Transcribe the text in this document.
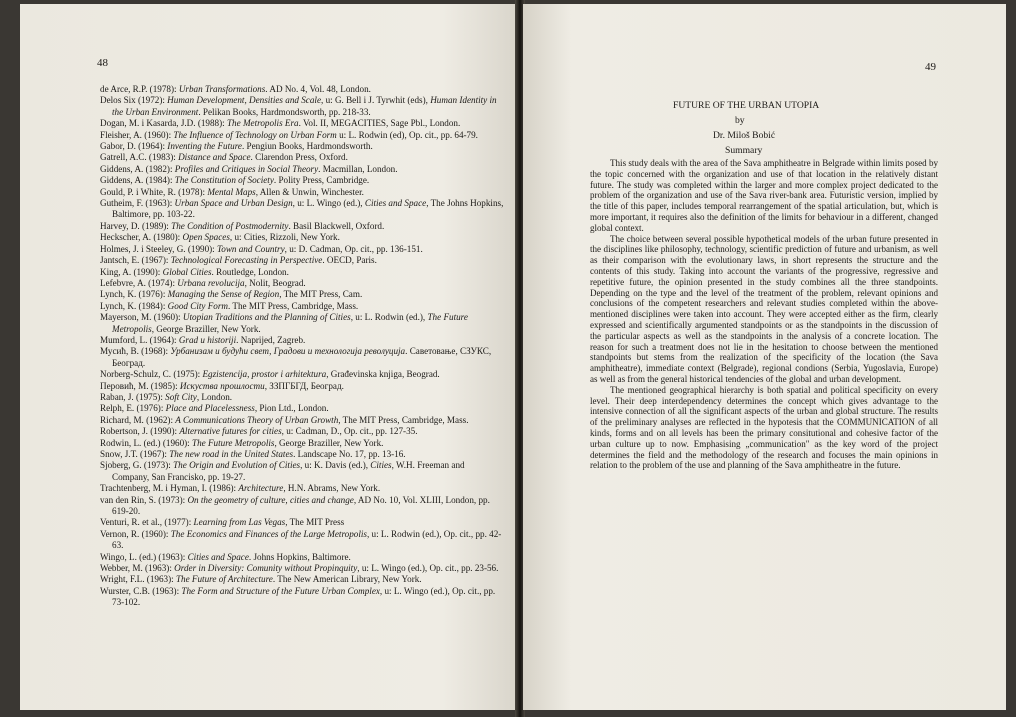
48

de Arce, R.P. (1978): Urban Transformations. AD No. 4, Vol. 48, London.

Delos Six (1972): Human Development, Densities and Scale, u: G. Bell i J. Tyrwhit (eds), Human Identity in the Urban Environment. Pelikan Books, Hardmondsworth, pp. 218-33.

Dogan, M. i Kasarda, J.D. (1988): The Metropolis Era. Vol. II, MEGACITIES, Sage Pbl., London.

Fleisher, A. (1960): The Influence of Technology on Urban Form u: L. Rodwin (ed), Op. cit., pp. 64-79.

Gabor, D. (1964): Inventing the Future. Pengiun Books, Hardmondsworth.

Gatrell, A.C. (1983): Distance and Space. Clarendon Press, Oxford.

Giddens, A. (1982): Profiles and Critiques in Social Theory. Macmillan, London.

Giddens, A. (1984): The Constitution of Society. Polity Press, Cambridge.

Gould, P. i White, R. (1978): Mental Maps, Allen & Unwin, Winchester.

Gutheim, F. (1963): Urban Space and Urban Design, u: L. Wingo (ed.), Cities and Space, The Johns Hopkins, Baltimore, pp. 103-22.

Harvey, D. (1989): The Condition of Postmodernity. Basil Blackwell, Oxford.

Heckscher, A. (1980): Open Spaces, u: Cities, Rizzoli, New York.

Holmes, J. i Steeley, G. (1990): Town and Country, u: D. Cadman, Op. cit., pp. 136-151.

Jantsch, E. (1967): Technological Forecasting in Perspective. OECD, Paris.

King, A. (1990): Global Cities. Routledge, London.

Lefebvre, A. (1974): Urbana revolucija, Nolit, Beograd.

Lynch, K. (1976): Managing the Sense of Region, The MIT Press, Cam.

Lynch, K. (1984): Good City Form. The MIT Press, Cambridge, Mass.

Mayerson, M. (1960): Utopian Traditions and the Planning of Cities, u: L. Rodwin (ed.), The Future Metropolis, George Braziller, New York.

Mumford, L. (1964): Grad u historiji. Naprijed, Zagreb.

Мусић, В. (1968): Урбанизам и будући свет, Градови и технологија револуција. Саветовање, СЗУКС, Београд.

Norberg-Schulz, C. (1975): Egzistencija, prostor i arhitektura, Građevinska knjiga, Beograd.

Перовић, М. (1985): Искуства прошлости, ЗЗПГБГД, Београд.

Raban, J. (1975): Soft City, London.

Relph, E. (1976): Place and Placelessness, Pion Ltd., London.

Richard, M. (1962): A Communications Theory of Urban Growth, The MIT Press, Cambridge, Mass.

Robertson, J. (1990): Alternative futures for cities, u: Cadman, D., Op. cit., pp. 127-35.

Rodwin, L. (ed.) (1960): The Future Metropolis, George Braziller, New York.

Snow, J.T. (1967): The new road in the United States. Landscape No. 17, pp. 13-16.

Sjoberg, G. (1973): The Origin and Evolution of Cities, u: K. Davis (ed.), Cities, W.H. Freeman and Company, San Francisko, pp. 19-27.

Trachtenberg, M. i Hyman, I. (1986): Architecture, H.N. Abrams, New York.

van den Rin, S. (1973): On the geometry of culture, cities and change, AD No. 10, Vol. XLIII, London, pp. 619-20.

Venturi, R. et al., (1977): Learning from Las Vegas, The MIT Press

Vernon, R. (1960): The Economics and Finances of the Large Metropolis, u: L. Rodwin (ed.), Op. cit., pp. 42-63.

Wingo, L. (ed.) (1963): Cities and Space. Johns Hopkins, Baltimore.

Webber, M. (1963): Order in Diversity: Comunity without Propinquity, u: L. Wingo (ed.), Op. cit., pp. 23-56.

Wright, F.L. (1963): The Future of Architecture. The New American Library, New York.

Wurster, C.B. (1963): The Form and Structure of the Future Urban Complex, u: L. Wingo (ed.), Op. cit., pp. 73-102.

49
FUTURE OF THE URBAN UTOPIA
by
Dr. Miloš Bobić
Summary

This study deals with the area of the Sava amphitheatre in Belgrade within limits posed by the topic concerned with the organization and use of that location in the relatively distant future. The study was completed within the larger and more complex project dedicated to the problem of the organization and use of the Sava river-bank area. Futuristic version, implied by the title of this paper, includes temporal rearrangement of the spatial articulation, but, which is more important, it requires also the definition of the limits for behaviour in a different, changed global context.

The choice between several possible hypothetical models of the urban future presented in the disciplines like philosophy, technology, scientific prediction of future and urbanism, as well as their comparison with the evolutionary laws, in short represents the structure and the contents of this study. Taking into account the variants of the progressive, regressive and repetitive future, the opinion presented in the study combines all the three standpoints. Depending on the type and the level of the treatment of the problem, relevant opinions and conclusions of the competent researchers and relevant studies completed within the above-mentioned disciplines were taken into account. They were accepted either as the firm, clearly expressed and scientifically argumented standpoints or as the standpoints in the discussion of the particular aspects as well as the standpoints in the analysis of a concrete location. The reason for such a treatment does not lie in the hesitation to choose between the mentioned standpoints but stems from the realization of the specificity of the location (the Sava amphitheatre), immediate context (Belgrade), regional condions (Serbia, Yugoslavia, Europe) as well as from the general historical tendencies of the global and urban development.

The mentioned geographical hierarchy is both spatial and political specificity on every level. Their deep interdependency determines the concept which gives advantage to the intensive connection of all the significant aspects of the urban and global structure. The results of the preliminary analyses are reflected in the hypotesis that the COMMUNICATION of all kinds, forms and on all levels has been the primary consitutional and cohesive factor of the urban culture up to now. Emphasising „communication" as the key word of the project determines the field and the methodology of the research and focuses the main opinions in relation to the problem of the use and planning of the Sava amphitheatre in the future.
